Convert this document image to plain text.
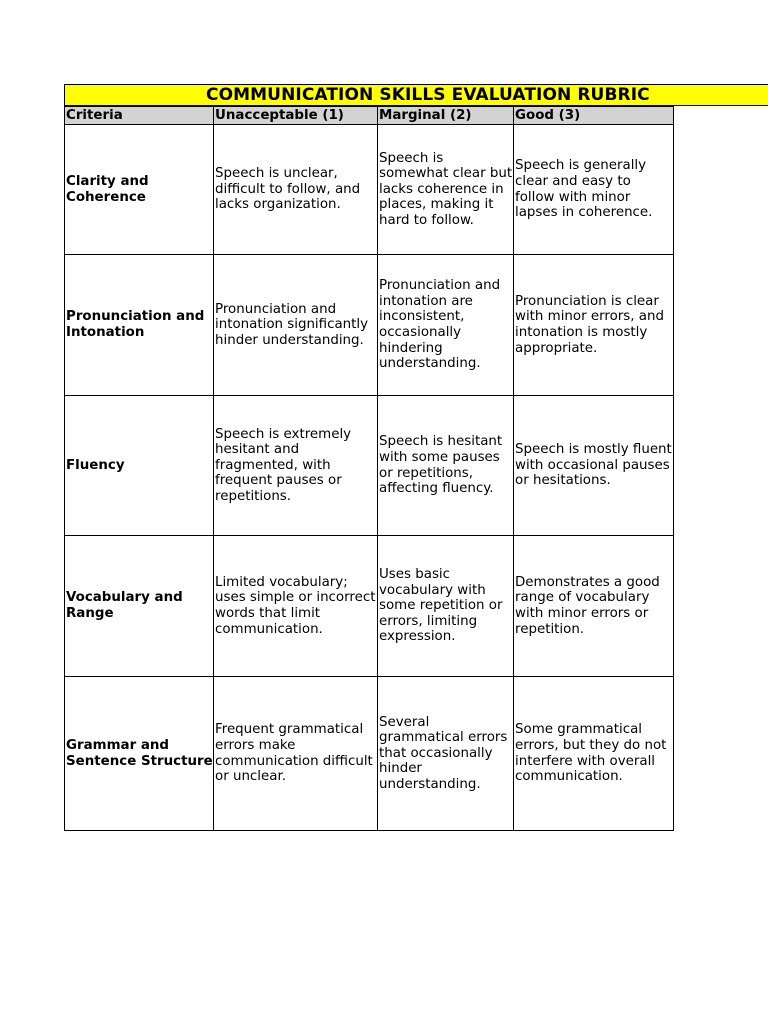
COMMUNICATION SKILLS EVALUATION RUBRIC
Criteria	Unacceptable (1)	Marginal (2)	Good (3)
Clarity and Coherence	Speech is unclear, difficult to follow, and lacks organization.	Speech is somewhat clear but lacks coherence in places, making it hard to follow.	Speech is generally clear and easy to follow with minor lapses in coherence.
Pronunciation and Intonation	Pronunciation and intonation significantly hinder understanding.	Pronunciation and intonation are inconsistent, occasionally hindering understanding.	Pronunciation is clear with minor errors, and intonation is mostly appropriate.
Fluency	Speech is extremely hesitant and fragmented, with frequent pauses or repetitions.	Speech is hesitant with some pauses or repetitions, affecting fluency.	Speech is mostly fluent with occasional pauses or hesitations.
Vocabulary and Range	Limited vocabulary; uses simple or incorrect words that limit communication.	Uses basic vocabulary with some repetition or errors, limiting expression.	Demonstrates a good range of vocabulary with minor errors or repetition.
Grammar and Sentence Structure	Frequent grammatical errors make communication difficult or unclear.	Several grammatical errors that occasionally hinder understanding.	Some grammatical errors, but they do not interfere with overall communication.
